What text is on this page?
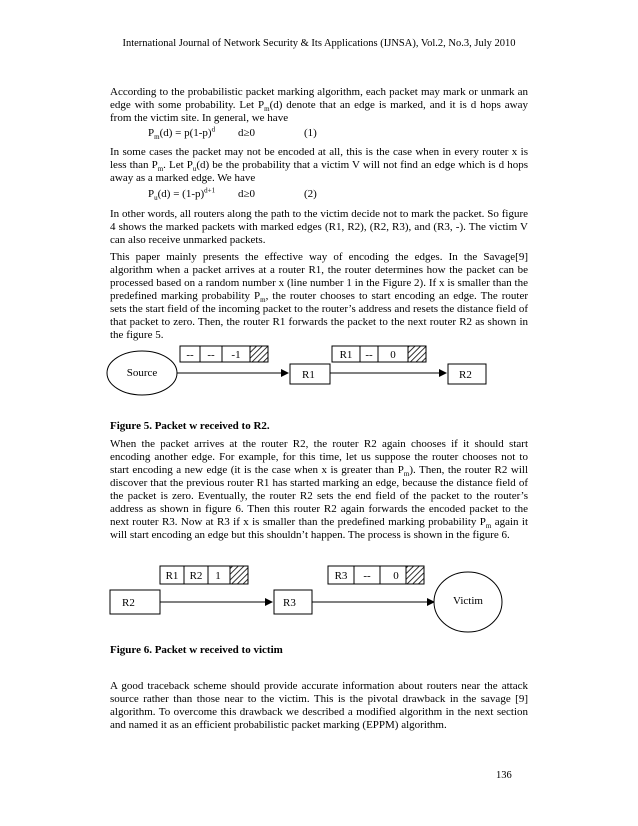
International Journal of Network Security & Its Applications (IJNSA), Vol.2, No.3, July 2010

According to the probabilistic packet marking algorithm, each packet may mark or unmark an edge with some probability. Let $P_m(d)$ denote that an edge is marked, and it is d hops away from the victim site. In general, we have

$P_m(d) = p(1-p)^d$ d≥0	(1)

In some cases the packet may not be encoded at all, this is the case when in every router x is less than $P_m$. Let $P_u(d)$ be the probability that a victim V will not find an edge which is d hops away as a marked edge. We have

$P_u(d) = (1-p)^{d+1}$ d≥0	(2)

In other words, all routers along the path to the victim decide not to mark the packet. So figure 4 shows the marked packets with marked edges (R1, R2), (R2, R3), and (R3, -). The victim V can also receive unmarked packets.

This paper mainly presents the effective way of encoding the edges. In the Savage[9] algorithm when a packet arrives at a router R1, the router determines how the packet can be processed based on a random number x (line number 1 in the Figure 2). If x is smaller than the predefined marking probability $P_m$, the router chooses to start encoding an edge. The router sets the start field of the incoming packet to the router’s address and resets the distance field of that packet to zero. Then, the router R1 forwards the packet to the next router R2 as shown in the figure 5.

Source
-- -- -1
R1
R1 -- 0
R2
Figure 5. Packet w received to R2.

When the packet arrives at the router R2, the router R2 again chooses if it should start encoding another edge. For example, for this time, let us suppose the router chooses not to start encoding a new edge (it is the case when x is greater than $P_m$). Then, the router R2 will discover that the previous router R1 has started marking an edge, because the distance field of the packet is zero. Eventually, the router R2 sets the end field of the packet to the router’s address as shown in figure 6. Then this router R2 again forwards the encoded packet to the next router R3. Now at R3 if x is smaller than the predefined marking probability $P_m$ again it will start encoding an edge but this shouldn’t happen. The process is shown in the figure 6.

R2
R1 R2 1
R3
R3 -- 0
Victim
Figure 6. Packet w received to victim

A good traceback scheme should provide accurate information about routers near the attack source rather than those near to the victim. This is the pivotal drawback in the savage [9] algorithm. To overcome this drawback we described a modified algorithm in the next section and named it as an efficient probabilistic packet marking (EPPM) algorithm.

136
